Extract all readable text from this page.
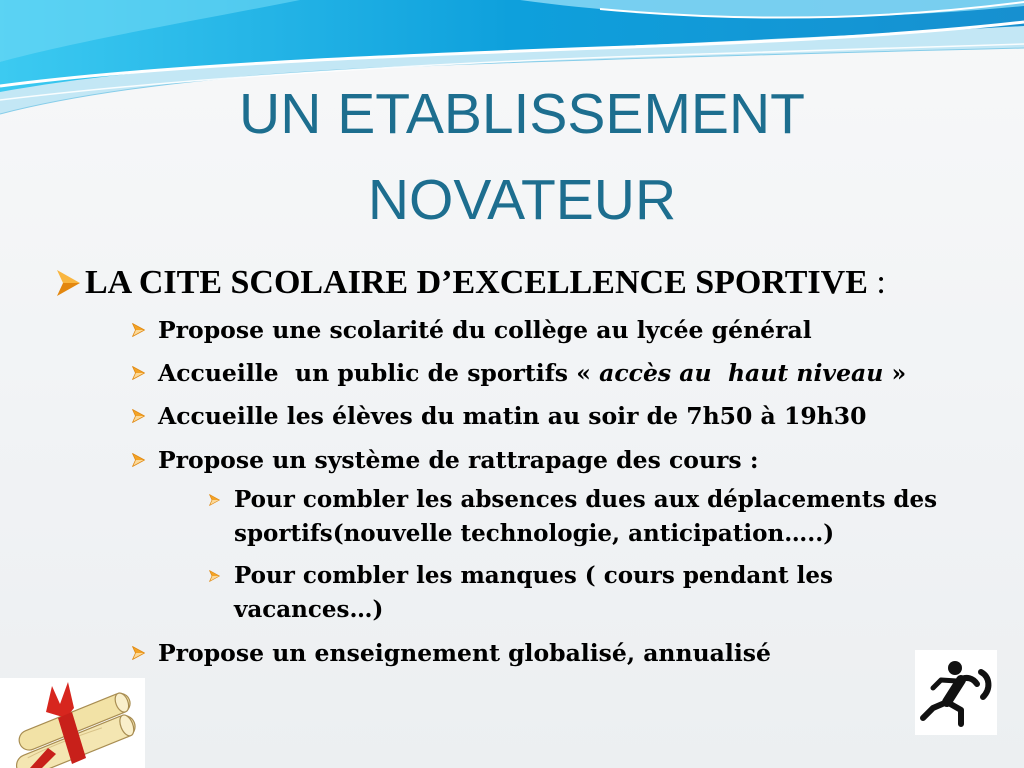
UN ETABLISSEMENT
NOVATEUR
LA CITE SCOLAIRE D’EXCELLENCE SPORTIVE :
Propose une scolarité du collège au lycée général
Accueille  un public de sportifs « accès au  haut niveau »
Accueille les élèves du matin au soir de 7h50 à 19h30
Propose un système de rattrapage des cours :
Pour combler les absences dues aux déplacements des
sportifs(nouvelle technologie, anticipation…..)
Pour combler les manques ( cours pendant les
vacances…)
Propose un enseignement globalisé, annualisé
